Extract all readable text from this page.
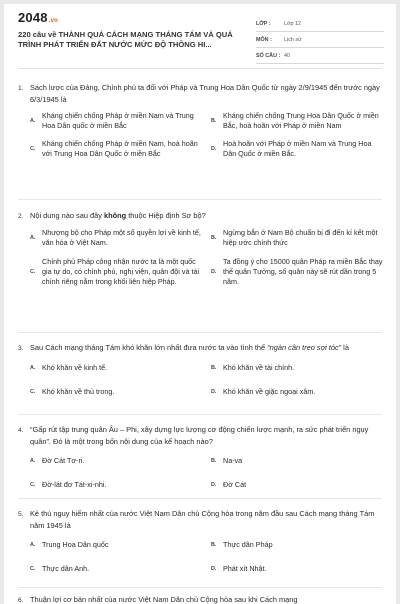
2048.vn
220 câu về THÀNH QUẢ CÁCH MẠNG THÁNG TÁM VÀ QUÁ TRÌNH PHÁT TRIỂN ĐẤT NƯỚC MỨC ĐỘ THÔNG HI...
LỚP :	Lớp 12
MÔN :	Lịch sử
SỐ CÂU : 40
1. Sách lược của Đảng, Chính phủ ta đối với Pháp và Trung Hoa Dân Quốc từ ngày 2/9/1945 đến trước ngày 6/3/1945 là
A.
Kháng chiến chống Pháp ở miền Nam và Trung Hoa Dân quốc ở miền Bắc	B.
Kháng chiến chống Trung Hoa Dân Quốc ở miền Bắc, hoà hoãn với Pháp ở miền Nam
C.
Kháng chiến chống Pháp ở miền Nam, hoà hoãn với Trung Hoa Dân Quốc ở miền Bắc	D.
Hoà hoãn với Pháp ở miền Nam và Trung Hoa Dân Quốc ở miền Bắc.
2. Nội dung nào sau đây không thuộc Hiệp định Sơ bộ?
A.
Nhượng bộ cho Pháp một số quyền lợi về kinh tế, văn hóa ở Việt Nam.	B.
Ngừng bắn ở Nam Bộ chuẩn bị đi đến kí kết một hiệp ước chính thức
C.
Chính phủ Pháp công nhận nước ta là một quốc gia tự do, có chính phủ, nghị viện, quân đội và tài chính riêng nằm trong khối liên hiệp Pháp.
D.
Ta đồng ý cho 15000 quân Pháp ra miền Bắc thay thế quân Tưởng, số quân này sẽ rút dần trong 5 năm.
3. Sau Cách mạng tháng Tám khó khăn lớn nhất đưa nước ta vào tình thế “ngàn cân treo sợi tóc” là
A. Khó khăn về kinh tế.	B. Khó khăn về tài chính.
C. Khó khăn về thù trong.	D. Khó khăn về giặc ngoại xâm.
4. “Gấp rút tập trung quân Âu – Phi, xây dựng lực lượng cơ động chiến lược mạnh, ra sức phát triển ngụy quân”. Đó là một trong bốn nội dung của kế hoạch nào?
A. Đờ Cát Tơ-ri.	B. Na-va
C. Đờ-lát đơ Tát-xi-nhi.	D. Đờ Cát
5. Kẻ thù nguy hiểm nhất của nước Việt Nam Dân chủ Cộng hòa trong năm đầu sau Cách mạng tháng Tám năm 1945 là
A. Trung Hoa Dân quốc	B. Thực dân Pháp
C. Thực dân Anh.	D. Phát xít Nhật.
6. Thuận lợi cơ bản nhất của nước Việt Nam Dân chủ Cộng hòa sau khi Cách mạng
